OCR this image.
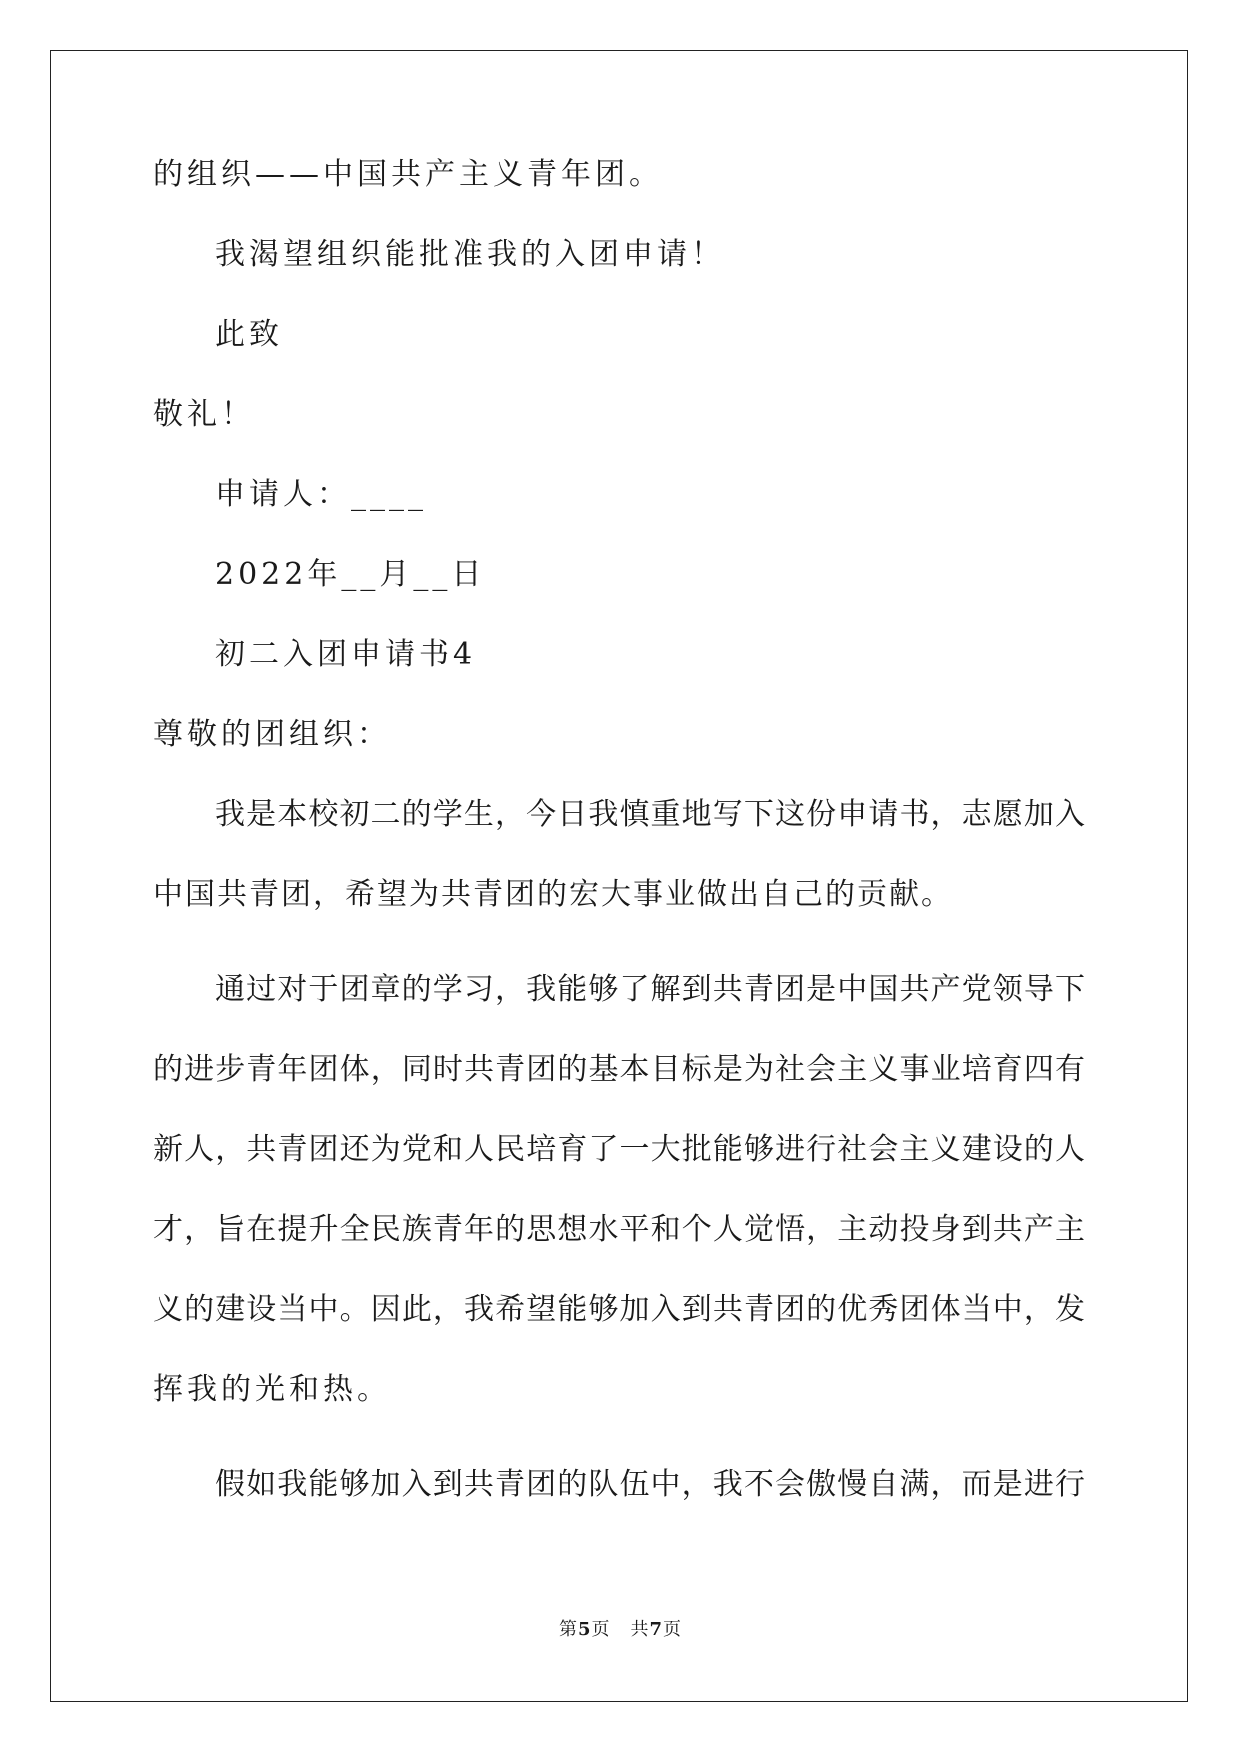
的组织——中国共产主义青年团。
我渴望组织能批准我的入团申请！
此致
敬礼！
申请人：____
2022年__月__日
初二入团申请书4
尊敬的团组织：
我是本校初二的学生，今日我慎重地写下这份申请书，志愿加入
中国共青团，希望为共青团的宏大事业做出自己的贡献。
通过对于团章的学习，我能够了解到共青团是中国共产党领导下
的进步青年团体，同时共青团的基本目标是为社会主义事业培育四有
新人，共青团还为党和人民培育了一大批能够进行社会主义建设的人
才，旨在提升全民族青年的思想水平和个人觉悟，主动投身到共产主
义的建设当中。因此，我希望能够加入到共青团的优秀团体当中，发
挥我的光和热。
假如我能够加入到共青团的队伍中，我不会傲慢自满，而是进行
第5页 共7页
